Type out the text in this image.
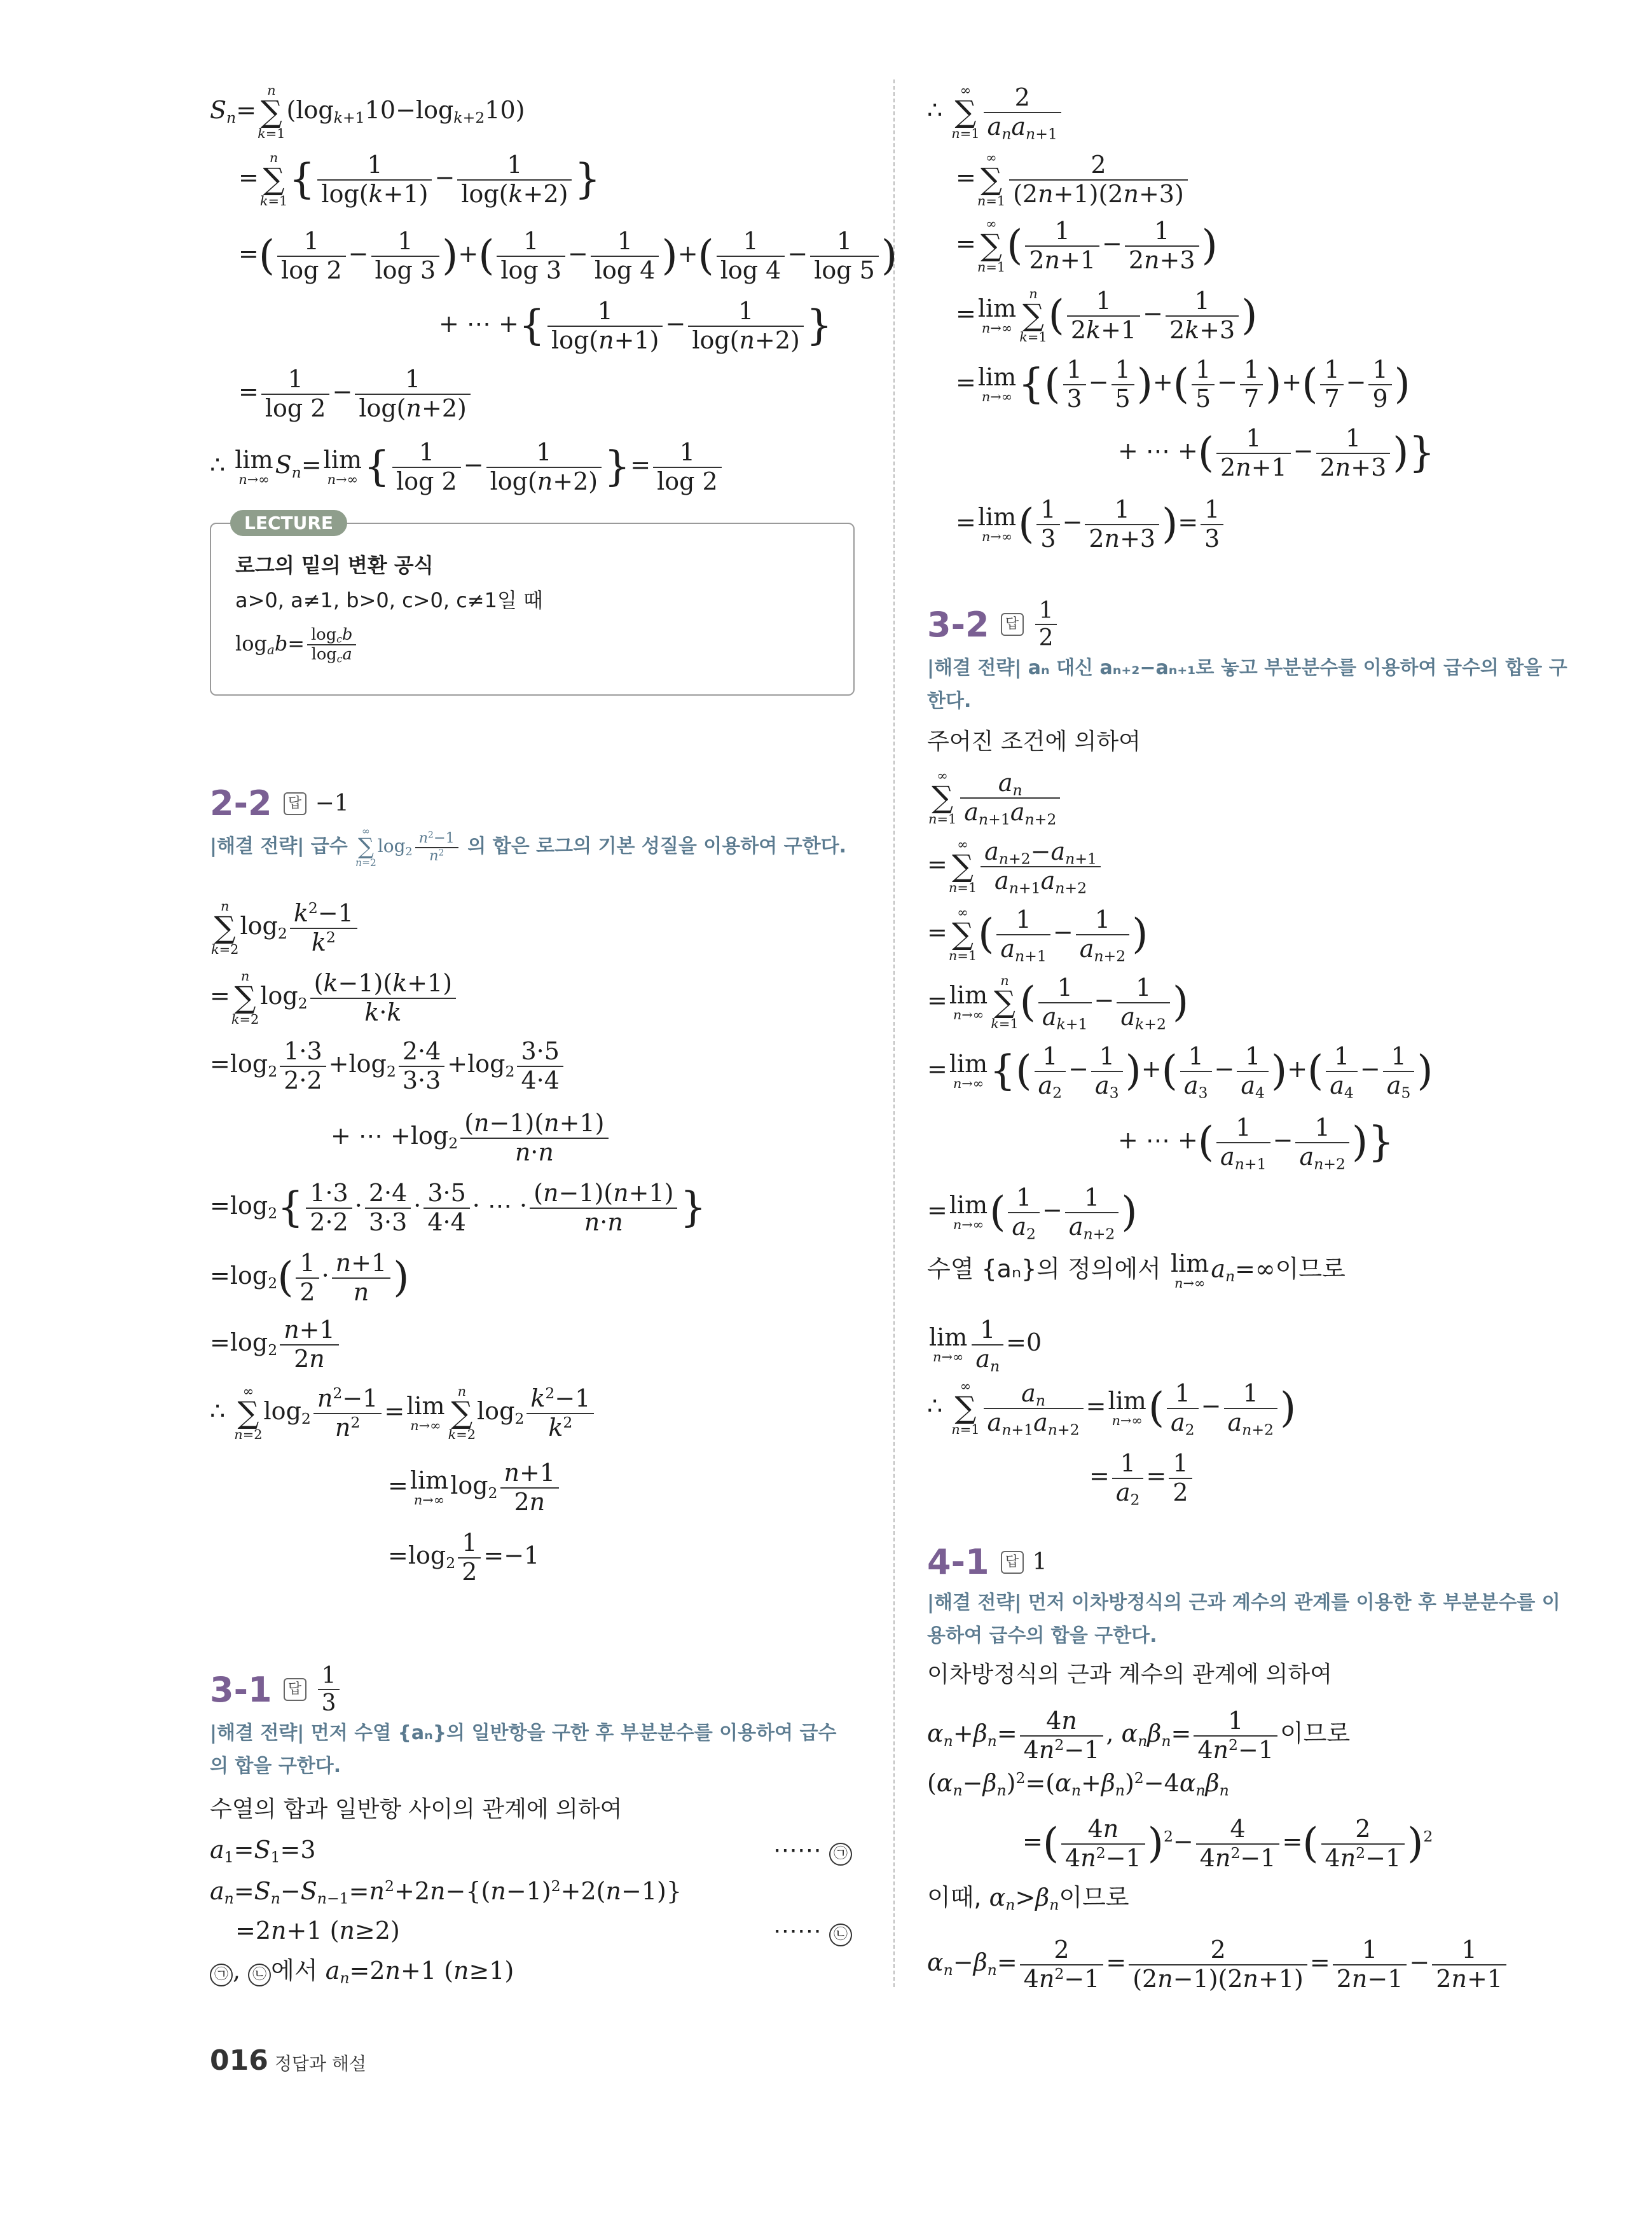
$S_n=$
n
∑
k=1
$(\log_{k+1}10-\log_{k+2}10)$
=
n
∑
k=1 { $\frac{1}{\log(k+1)} - \frac{1}{\log(k+2)}$ }
=( $\frac{1}{\log 2} - \frac{1}{\log 3}$ )+( $\frac{1}{\log 3} - \frac{1}{\log 4}$ )+( $\frac{1}{\log 4} - \frac{1}{\log 5}$ )
+ ⋯ +{ $\frac{1}{\log(n+1)} - \frac{1}{\log(n+2)}$ }
= $\frac{1}{\log 2} - \frac{1}{\log(n+2)}$
∴ lim
n→∞
$S_n= \lim$
n→∞ { $\frac{1}{\log 2} - \frac{1}{\log(n+2)}$ }= $\frac{1}{\log 2}$
LECTURE
로그의 밑의 변환 공식
a>0, a≠1, b>0, c>0, c≠1일 때
$\log_ab= \frac{\log_cb}{\log_ca}$
2-2 답 −1
|해결 전략| 급수
∞
∑
n=2
$\log_2 \frac{n^2-1}{n^2}$ 의 합은 로그의 기본 성질을 이용하여 구한다.
n
∑
k=2
$\log_2 \frac{k^2-1}{k^2}$
=
n
∑
k=2
$\log_2 \frac{(k-1)(k+1)}{k\cdot k}$
$=\log_2 \frac{1\cdot 3}{2\cdot 2} +\log_2 \frac{2\cdot 4}{3\cdot 3} +\log_2 \frac{3\cdot 5}{4\cdot 4}$
+ ⋯ $+\log_2 \frac{(n-1)(n+1)}{n\cdot n}$
$=\log_2\{ \frac{1\cdot 3}{2\cdot 2} \cdot \frac{2\cdot 4}{3\cdot 3} \cdot \frac{3\cdot 5}{4\cdot 4}$ · ⋯ · $\frac{(n-1)(n+1)}{n\cdot n}$ }
$=\log_2( \frac{1}{2} \cdot \frac{n+1}{n}$ )
$=\log_2 \frac{n+1}{2n}$
∴
∞
∑
n=2
$\log_2 \frac{n^2-1}{n^2} = \lim$
n→∞
n
∑
k=2
$\log_2 \frac{k^2-1}{k^2}$
= lim
n→∞
$\log_2 \frac{n+1}{2n}$
$=\log_2 \frac{1}{2} =-1$
3-1 답 $\frac{1}{3}$
|해결 전략| 먼저 수열 {aₙ}의 일반항을 구한 후 부분분수를 이용하여 급수의 합을 구한다.
수열의 합과 일반항 사이의 관계에 의하여
$a_1=S_1=3$	⋯⋯ ㉠
$a_n=S_n-S_{n-1}=n^2+2n-\{(n-1)^2+2(n-1)\}$
=2n+1 (n≥2)	⋯⋯ ㉡
㉠ , ㉡ 에서 $a_n=2n+1$ (n≥1)
∴
∞
∑
n=1
2
$a_na_{n+1}$
=
∞
∑
$n=1 \frac{2}{(2n+1)(2n+3)}$
=
∞
∑
n=1 ( $\frac{1}{2n+1} - \frac{1}{2n+3}$ )
= lim
n→∞
n
∑
k=1 ( $\frac{1}{2k+1} - \frac{1}{2k+3}$ )
= lim
n→∞ {( $\frac{1}{3} - \frac{1}{5}$ )+( $\frac{1}{5} - \frac{1}{7}$ )+( $\frac{1}{7} - \frac{1}{9}$ )
+ ⋯ +( $\frac{1}{2n+1} - \frac{1}{2n+3}$ )}
= lim
n→∞ ( $\frac{1}{3} - \frac{1}{2n+3}$ )= $\frac{1}{3}$
3-2 답 $\frac{1}{2}$
|해결 전략| aₙ 대신 aₙ₊₂−aₙ₊₁로 놓고 부분분수를 이용하여 급수의 합을 구한다.
주어진 조건에 의하여
∞
∑
$n=1 \frac{a_n}{a_{n+1}a_{n+2}}$
=
∞
∑
$n=1 \frac{a_{n+2}-a_{n+1}}{a_{n+1}a_{n+2}}$
=
∞
∑
n=1 ( $\frac{1}{a_{n+1}} - \frac{1}{a_{n+2}}$ )
= lim
n→∞
n
∑
k=1 ( $\frac{1}{a_{k+1}} - \frac{1}{a_{k+2}}$ )
= lim
n→∞ {( $\frac{1}{a_2} - \frac{1}{a_3}$ )+( $\frac{1}{a_3} - \frac{1}{a_4}$ )+( $\frac{1}{a_4} - \frac{1}{a_5}$ )
+ ⋯ +( $\frac{1}{a_{n+1}} - \frac{1}{a_{n+2}}$ )}
= lim
n→∞ ( $\frac{1}{a_2} - \frac{1}{a_{n+2}}$ )
수열 {aₙ}의 정의에서 lim
n→∞
$a_n=\infty$이므로
lim
$n\to\infty \frac{1}{a_n} =0$
∴
∞
∑
$n=1 \frac{a_n}{a_{n+1}a_{n+2}} = \lim$
n→∞ ( $\frac{1}{a_2} - \frac{1}{a_{n+2}}$ )
= $\frac{1}{a_2} = \frac{1}{2}$
4-1 답 1
|해결 전략| 먼저 이차방정식의 근과 계수의 관계를 이용한 후 부분분수를 이용하여 급수의 합을 구한다.
이차방정식의 근과 계수의 관계에 의하여
$\alpha_n+\beta_n= \frac{4n}{4n^2-1}$ , $\alpha_n\beta_n= \frac{1}{4n^2-1}$ 이므로
$(\alpha_n-\beta_n)^2=(\alpha_n+\beta_n)^2-4\alpha_n\beta_n$
=( $\frac{4n}{4n^2-1} )^2- \frac{4}{4n^2-1}$ =( $\frac{2}{4n^2-1} )^2$
이때, $\alpha_n>\beta_n$이므로
$\alpha_n-\beta_n= \frac{2}{4n^2-1} = \frac{2}{(2n-1)(2n+1)} = \frac{1}{2n-1} - \frac{1}{2n+1}$
016 정답과 해설
